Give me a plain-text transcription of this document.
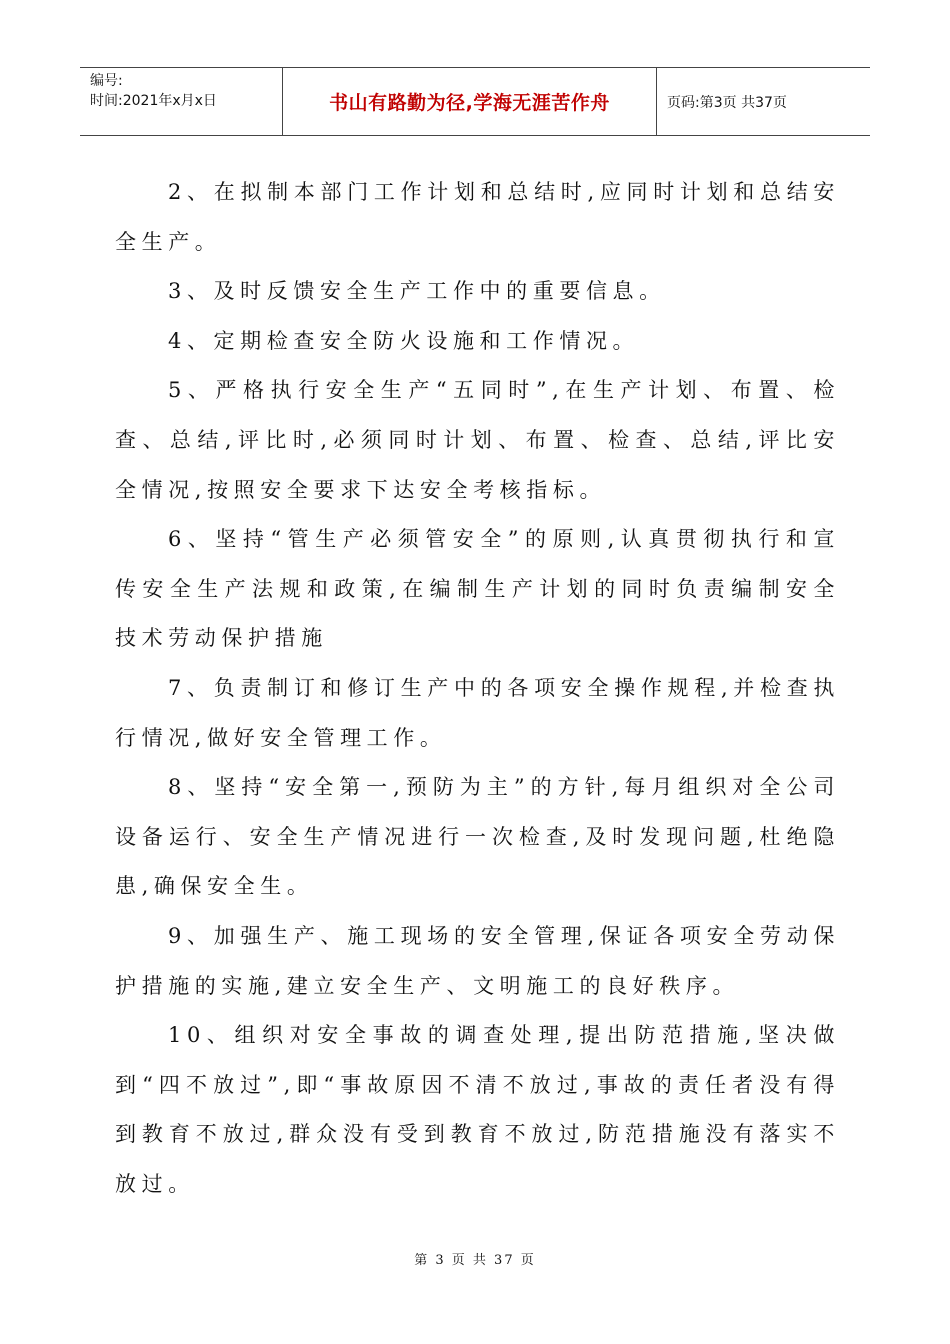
编号:
时间:2021年x月x日	书山有路勤为径,学海无涯苦作舟	页码:第3页 共37页

2、在拟制本部门工作计划和总结时,应同时计划和总结安全生产。

3、及时反馈安全生产工作中的重要信息。

4、定期检查安全防火设施和工作情况。

5、严格执行安全生产“五同时”,在生产计划、布置、检查、总结,评比时,必须同时计划、布置、检查、总结,评比安全情况,按照安全要求下达安全考核指标。

6、坚持“管生产必须管安全”的原则,认真贯彻执行和宣传安全生产法规和政策,在编制生产计划的同时负责编制安全技术劳动保护措施

7、负责制订和修订生产中的各项安全操作规程,并检查执行情况,做好安全管理工作。

8、坚持“安全第一,预防为主”的方针,每月组织对全公司设备运行、安全生产情况进行一次检查,及时发现问题,杜绝隐患,确保安全生。

9、加强生产、施工现场的安全管理,保证各项安全劳动保护措施的实施,建立安全生产、文明施工的良好秩序。

10、组织对安全事故的调查处理,提出防范措施,坚决做到“四不放过”,即“事故原因不清不放过,事故的责任者没有得到教育不放过,群众没有受到教育不放过,防范措施没有落实不放过。

第 3 页 共 37 页
